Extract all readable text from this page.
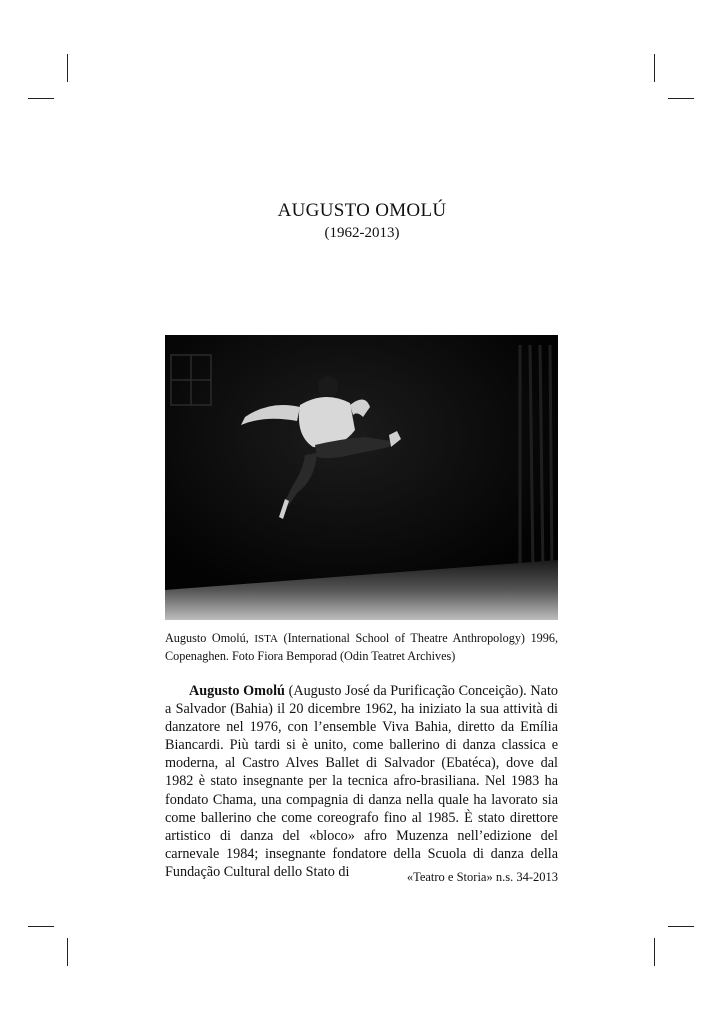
AUGUSTO OMOLÚ
(1962-2013)
Augusto Omolú, ISTA (International School of Theatre Anthropology) 1996, Copenaghen. Foto Fiora Bemporad (Odin Teatret Archives)

Augusto Omolú (Augusto José da Purificação Conceição). Nato a Salvador (Bahia) il 20 dicembre 1962, ha iniziato la sua attività di danzatore nel 1976, con l’ensemble Viva Bahia, diretto da Emília Biancardi. Più tardi si è unito, come ballerino di danza classica e moderna, al Castro Alves Ballet di Salvador (Ebatéca), dove dal 1982 è stato insegnante per la tecnica afro-brasiliana. Nel 1983 ha fondato Chama, una compagnia di danza nella quale ha lavorato sia come ballerino che come coreografo fino al 1985. È stato direttore artistico di danza del «bloco» afro Muzenza nell’edizione del carnevale 1984; insegnante fondatore della Scuola di danza della Fundação Cultural dello Stato di	«Teatro e Storia» n.s. 34-2013
